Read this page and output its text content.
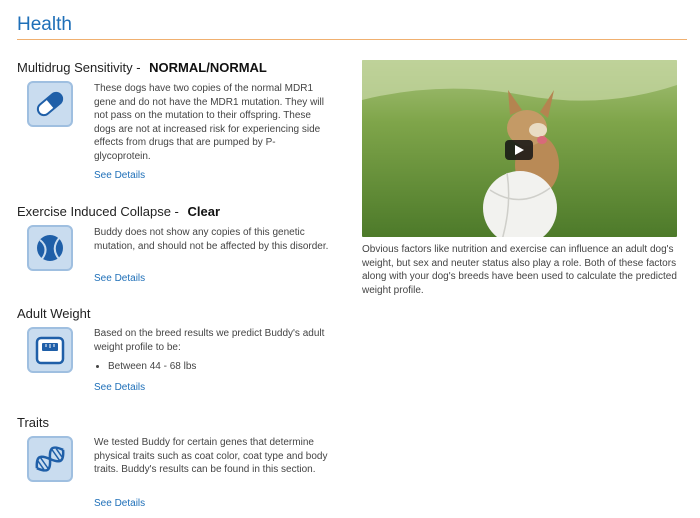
Health
Multidrug Sensitivity - NORMAL/NORMAL

These dogs have two copies of the normal MDR1 gene and do not have the MDR1 mutation. They will not pass on the mutation to their offspring. These dogs are not at increased risk for experiencing side effects from drugs that are pumped by P-glycoprotein.

See Details
Exercise Induced Collapse - Clear

Buddy does not show any copies of this genetic mutation, and should not be affected by this disorder.

See Details
Adult Weight
Based on the breed results we predict Buddy's adult weight profile to be:
• Between 44 - 68 lbs
See Details
Traits

We tested Buddy for certain genes that determine physical traits such as coat color, coat type and body traits. Buddy's results can be found in this section.

See Details

Obvious factors like nutrition and exercise can influence an adult dog's weight, but sex and neuter status also play a role. Both of these factors along with your dog's breeds have been used to calculate the predicted weight profile.
